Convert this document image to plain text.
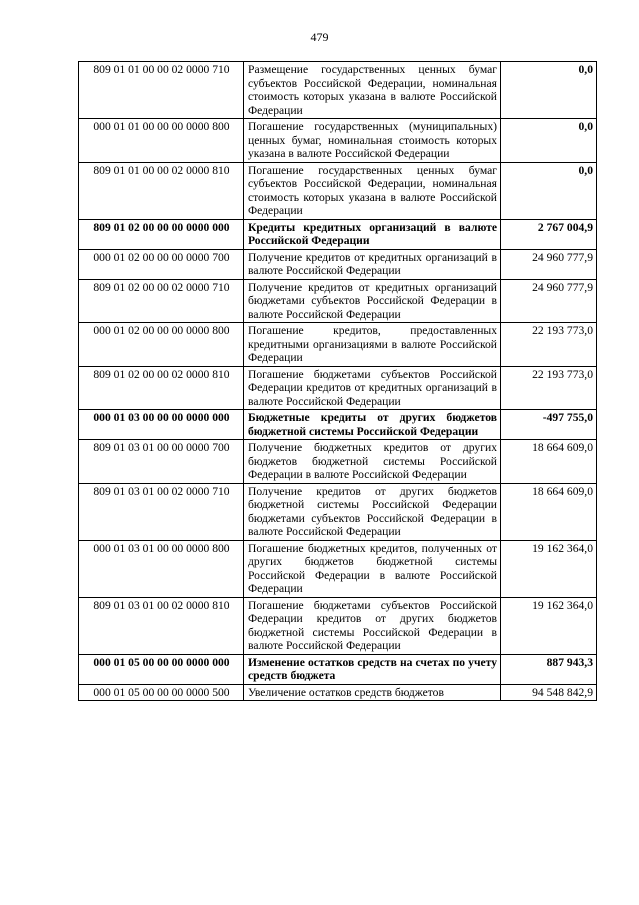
479
809 01 01 00 00 02 0000 710	Размещение государственных ценных бумаг субъектов Российской Федерации, номинальная стоимость которых указана в валюте Российской Федерации	0,0
000 01 01 00 00 00 0000 800	Погашение государственных (муниципальных) ценных бумаг, номинальная стоимость которых указана в валюте Российской Федерации	0,0
809 01 01 00 00 02 0000 810	Погашение государственных ценных бумаг субъектов Российской Федерации, номинальная стоимость которых указана в валюте Российской Федерации	0,0
809 01 02 00 00 00 0000 000	Кредиты кредитных организаций в валюте Российской Федерации	2 767 004,9
000 01 02 00 00 00 0000 700	Получение кредитов от кредитных организаций в валюте Российской Федерации	24 960 777,9
809 01 02 00 00 02 0000 710	Получение кредитов от кредитных организаций бюджетами субъектов Российской Федерации в валюте Российской Федерации	24 960 777,9
000 01 02 00 00 00 0000 800	Погашение кредитов, предоставленных кредитными организациями в валюте Российской Федерации	22 193 773,0
809 01 02 00 00 02 0000 810	Погашение бюджетами субъектов Российской Федерации кредитов от кредитных организаций в валюте Российской Федерации	22 193 773,0
000 01 03 00 00 00 0000 000	Бюджетные кредиты от других бюджетов бюджетной системы Российской Федерации	-497 755,0
809 01 03 01 00 00 0000 700	Получение бюджетных кредитов от других бюджетов бюджетной системы Российской Федерации в валюте Российской Федерации	18 664 609,0
809 01 03 01 00 02 0000 710	Получение кредитов от других бюджетов бюджетной системы Российской Федерации бюджетами субъектов Российской Федерации в валюте Российской Федерации	18 664 609,0
000 01 03 01 00 00 0000 800	Погашение бюджетных кредитов, полученных от других бюджетов бюджетной системы Российской Федерации в валюте Российской Федерации	19 162 364,0
809 01 03 01 00 02 0000 810	Погашение бюджетами субъектов Российской Федерации кредитов от других бюджетов бюджетной системы Российской Федерации в валюте Российской Федерации	19 162 364,0
000 01 05 00 00 00 0000 000	Изменение остатков средств на счетах по учету средств бюджета	887 943,3
000 01 05 00 00 00 0000 500	Увеличение остатков средств бюджетов	94 548 842,9
